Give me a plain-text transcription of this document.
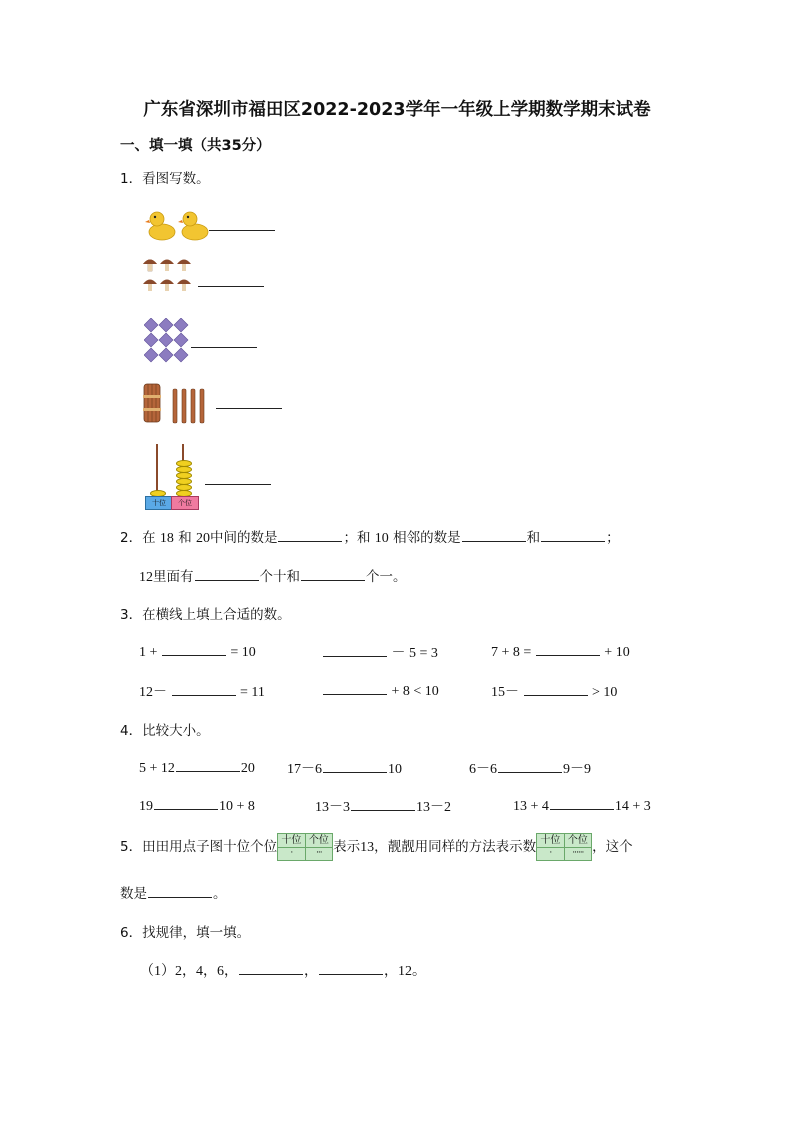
广东省深圳市福田区2022-2023学年一年级上学期数学期末试卷
一、填一填（共35分）
1．看图写数。
十位	个位
2．在 18 和 20中间的数是	；和 10 相邻的数是	和	；
12里面有	个十和	个一。
3．在横线上填上合适的数。
1 +	= 10	－ 5 = 3	7 + 8 =	+ 10
12－	= 11	+ 8 < 10	15－	> 10
4．比较大小。
5 + 12	20 17－6	10	6－6	9－9
19	10 + 8	13－3	13－2	13 + 4	14 + 3
5．田田用点子图十位个位 十位 个位
·	··· 表示13，靓靓用同样的方法表示数 十位 个位
·	······ ，这个
数是	。
6．找规律，填一填。
（1）2，4，6，	，	，12。
